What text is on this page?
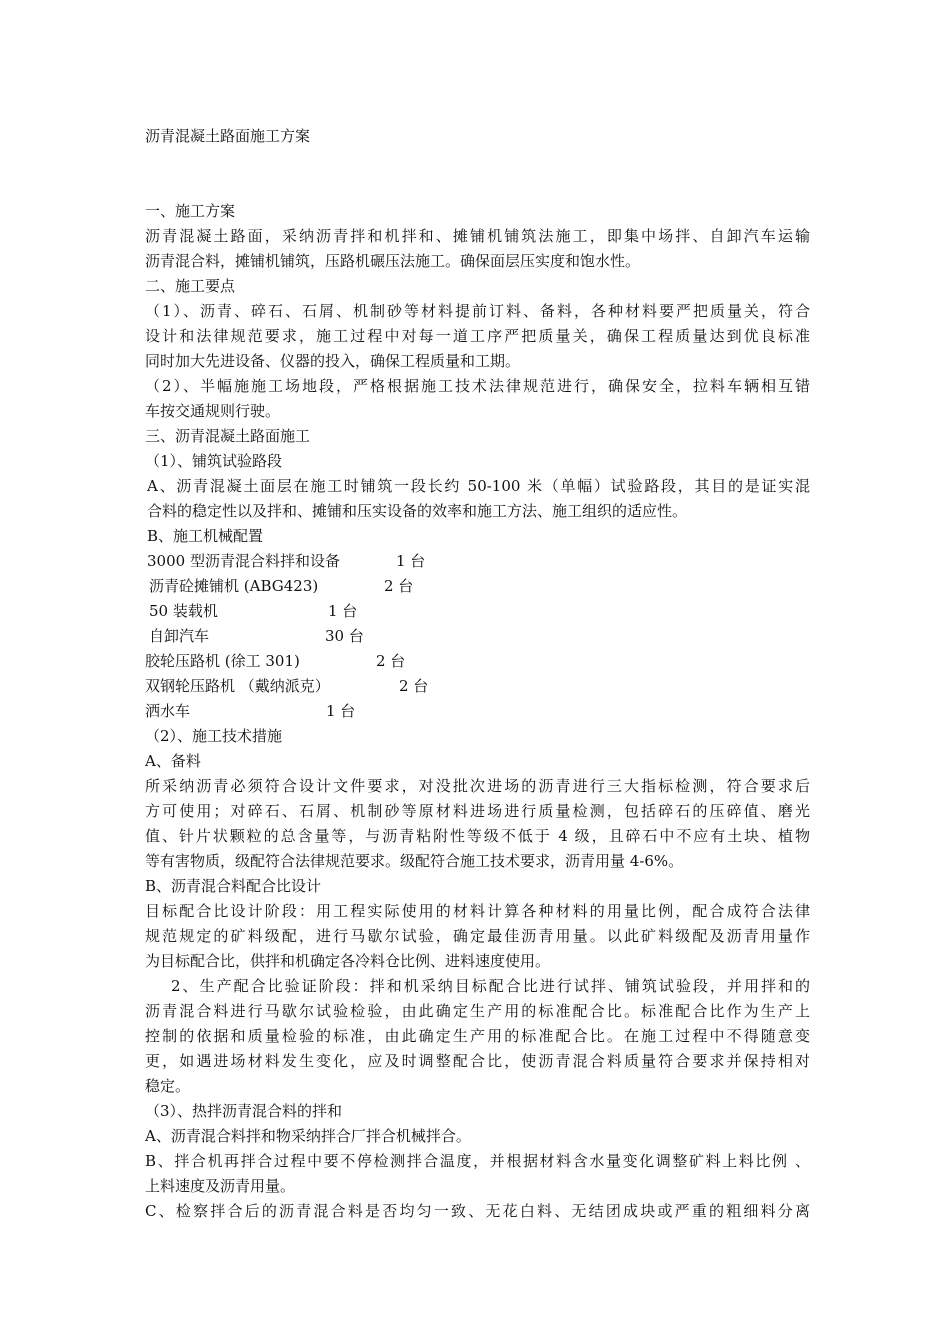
沥青混凝土路面施工方案
一、施工方案
沥青混凝土路面，采纳沥青拌和机拌和、摊铺机铺筑法施工，即集中场拌、自卸汽车运输
沥青混合料，摊铺机铺筑，压路机碾压法施工。确保面层压实度和饱水性。
二、施工要点
（1）、沥青、碎石、石屑、机制砂等材料提前订料、备料，各种材料要严把质量关，符合
设计和法律规范要求，施工过程中对每一道工序严把质量关，确保工程质量达到优良标准
同时加大先进设备、仪器的投入，确保工程质量和工期。
（2）、半幅施施工场地段，严格根据施工技术法律规范进行，确保安全，拉料车辆相互错
车按交通规则行驶。
三、沥青混凝土路面施工
（1）、铺筑试验路段
A、沥青混凝土面层在施工时铺筑一段长约 50-100 米（单幅）试验路段，其目的是证实混
合料的稳定性以及拌和、摊铺和压实设备的效率和施工方法、施工组织的适应性。
B、施工机械配置
3000 型沥青混合料拌和设备	1 台
沥青砼摊铺机 (ABG423)	2 台
50 装载机	1 台
自卸汽车	30 台
胶轮压路机 (徐工 301)	2 台
双钢轮压路机 （戴纳派克）	2 台
洒水车	1 台
（2）、施工技术措施
A、备料
所采纳沥青必须符合设计文件要求，对没批次进场的沥青进行三大指标检测，符合要求后
方可使用；对碎石、石屑、机制砂等原材料进场进行质量检测，包括碎石的压碎值、磨光
值、针片状颗粒的总含量等，与沥青粘附性等级不低于 4 级，且碎石中不应有土块、植物
等有害物质，级配符合法律规范要求。级配符合施工技术要求，沥青用量 4-6%。
B、沥青混合料配合比设计
目标配合比设计阶段：用工程实际使用的材料计算各种材料的用量比例，配合成符合法律
规范规定的矿料级配，进行马歇尔试验，确定最佳沥青用量。以此矿料级配及沥青用量作
为目标配合比，供拌和机确定各冷料仓比例、进料速度使用。
2、生产配合比验证阶段：拌和机采纳目标配合比进行试拌、铺筑试验段，并用拌和的
沥青混合料进行马歇尔试验检验，由此确定生产用的标准配合比。标准配合比作为生产上
控制的依据和质量检验的标准，由此确定生产用的标准配合比。在施工过程中不得随意变
更，如遇进场材料发生变化，应及时调整配合比，使沥青混合料质量符合要求并保持相对
稳定。
（3）、热拌沥青混合料的拌和
A、沥青混合料拌和物采纳拌合厂拌合机械拌合。
B、拌合机再拌合过程中要不停检测拌合温度，并根据材料含水量变化调整矿料上料比例 、
上料速度及沥青用量。
C、检察拌合后的沥青混合料是否均匀一致、无花白料、无结团成块或严重的粗细料分离
